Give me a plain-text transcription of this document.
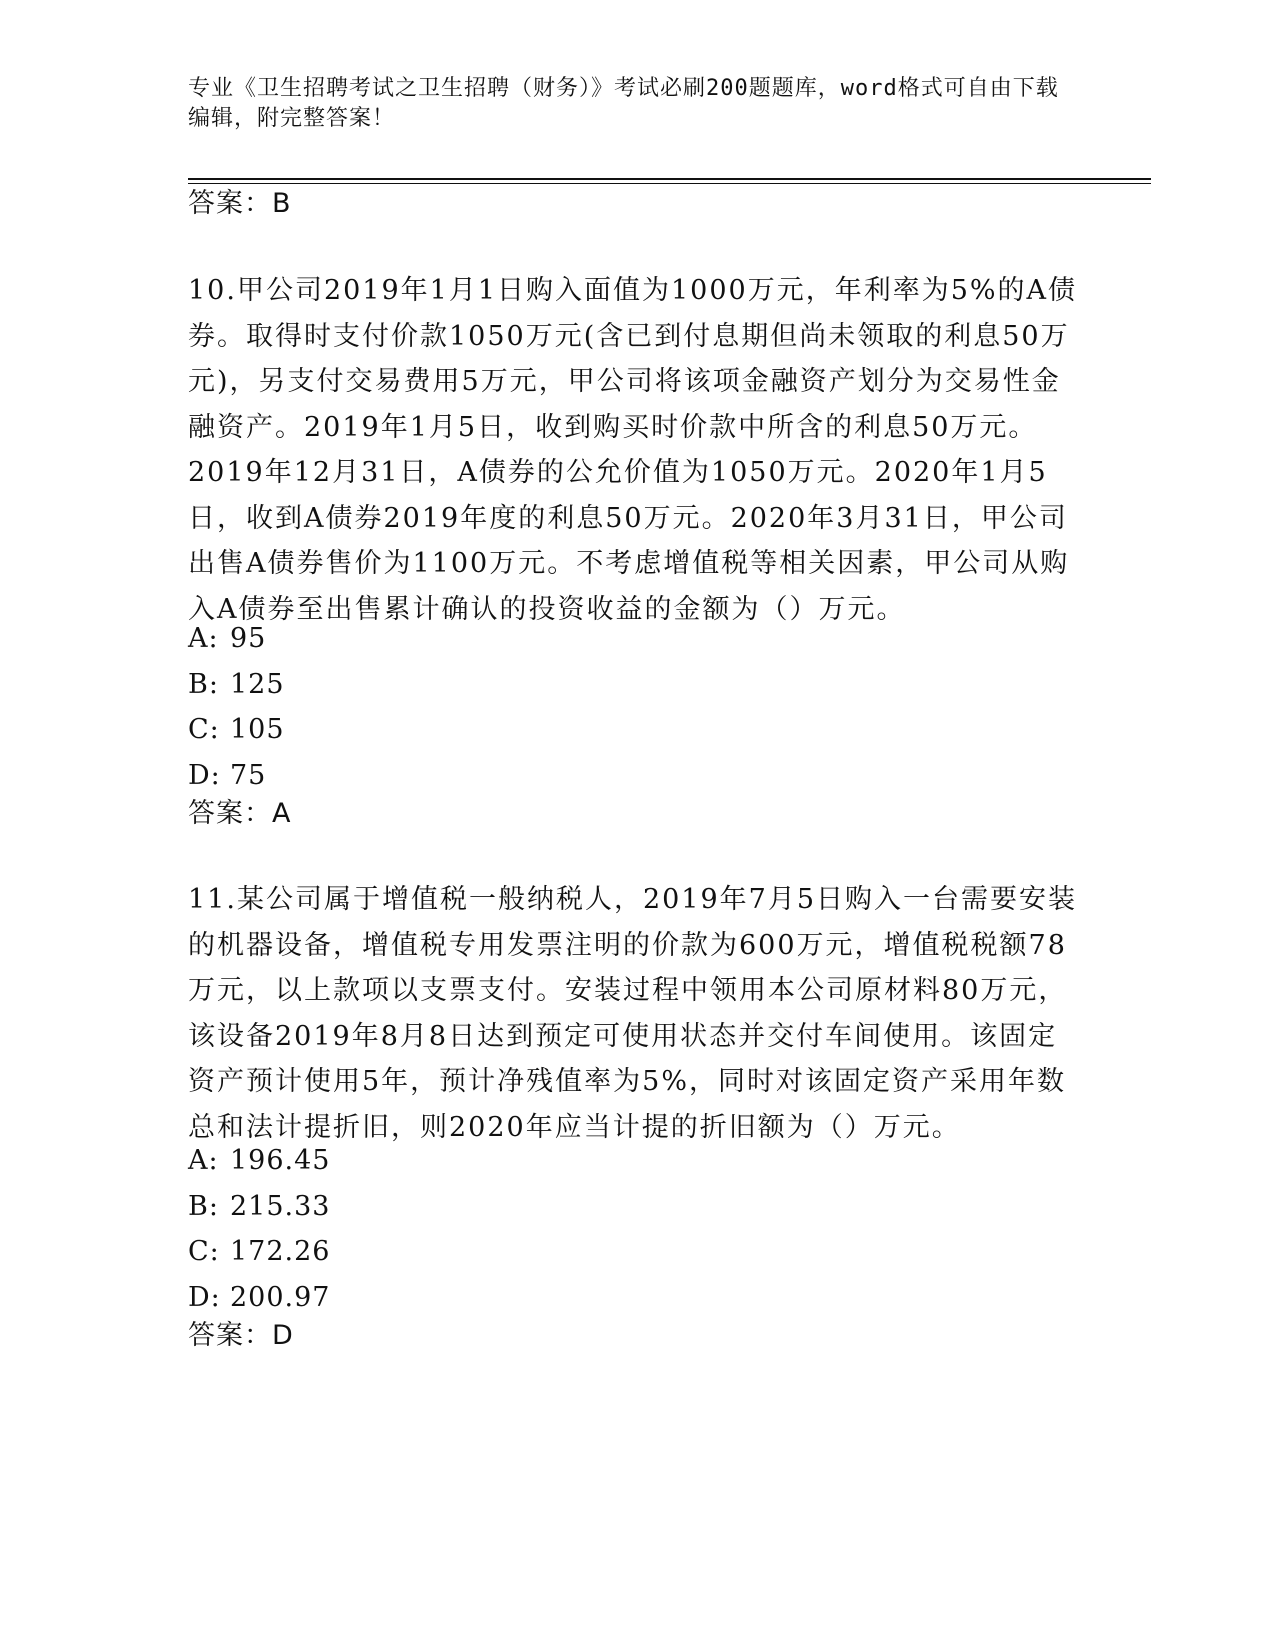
专业《卫生招聘考试之卫生招聘（财务）》考试必刷200题题库，word格式可自由下载编辑，附完整答案！
答案：B

10.甲公司2019年1月1日购入面值为1000万元，年利率为5%的A债券。取得时支付价款1050万元(含已到付息期但尚未领取的利息50万元)，另支付交易费用5万元，甲公司将该项金融资产划分为交易性金融资产。2019年1月5日，收到购买时价款中所含的利息50万元。2019年12月31日，A债券的公允价值为1050万元。2020年1月5日，收到A债券2019年度的利息50万元。2020年3月31日，甲公司出售A债券售价为1100万元。不考虑增值税等相关因素，甲公司从购入A债券至出售累计确认的投资收益的金额为（）万元。

A: 95
B: 125
C: 105
D: 75
答案：A

11.某公司属于增值税一般纳税人，2019年7月5日购入一台需要安装的机器设备，增值税专用发票注明的价款为600万元，增值税税额78万元，以上款项以支票支付。安装过程中领用本公司原材料80万元，该设备2019年8月8日达到预定可使用状态并交付车间使用。该固定资产预计使用5年，预计净残值率为5%，同时对该固定资产采用年数总和法计提折旧，则2020年应当计提的折旧额为（）万元。

A: 196.45
B: 215.33
C: 172.26
D: 200.97
答案：D
